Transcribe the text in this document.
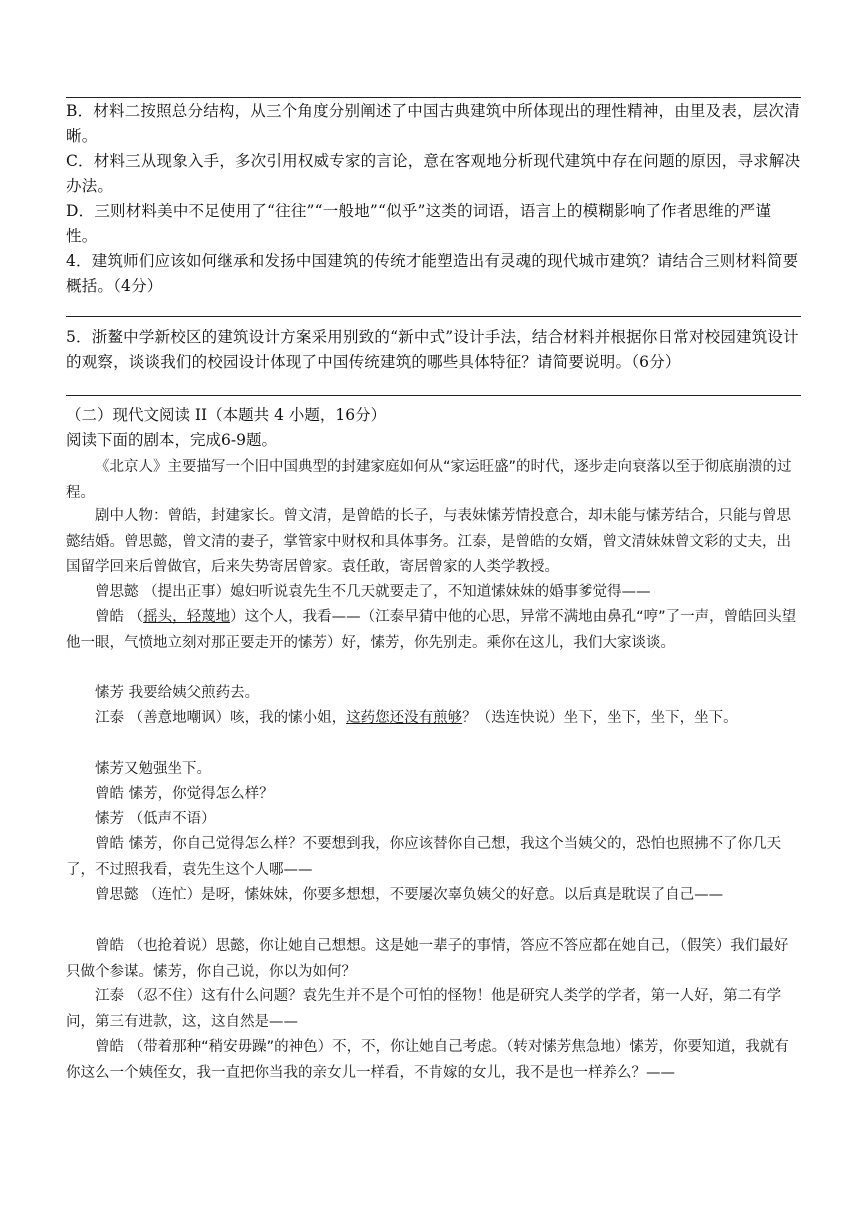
B．材料二按照总分结构，从三个角度分别阐述了中国古典建筑中所体现出的理性精神，由里及表，层次清晰。

C．材料三从现象入手，多次引用权威专家的言论，意在客观地分析现代建筑中存在问题的原因，寻求解决办法。

D．三则材料美中不足使用了“往往”“一般地”“似乎”这类的词语，语言上的模糊影响了作者思维的严谨性。

4．建筑师们应该如何继承和发扬中国建筑的传统才能塑造出有灵魂的现代城市建筑？请结合三则材料简要概括。（4分）

5．浙鳌中学新校区的建筑设计方案采用别致的“新中式”设计手法，结合材料并根据你日常对校园建筑设计的观察，谈谈我们的校园设计体现了中国传统建筑的哪些具体特征？请简要说明。（6分）

（二）现代文阅读 II（本题共 4 小题，16分）

阅读下面的剧本，完成6-9题。

《北京人》主要描写一个旧中国典型的封建家庭如何从“家运旺盛”的时代，逐步走向衰落以至于彻底崩溃的过程。

剧中人物：曾皓，封建家长。曾文清，是曾皓的长子，与表妹愫芳情投意合，却未能与愫芳结合，只能与曾思懿结婚。曾思懿，曾文清的妻子，掌管家中财权和具体事务。江泰，是曾皓的女婿，曾文清妹妹曾文彩的丈夫，出国留学回来后曾做官，后来失势寄居曾家。袁任敢，寄居曾家的人类学教授。

曾思懿 （提出正事）媳妇听说袁先生不几天就要走了，不知道愫妹妹的婚事爹觉得——

曾皓 （摇头，轻蔑地）这个人，我看——（江泰早猜中他的心思，异常不满地由鼻孔“哼”了一声，曾皓回头望他一眼，气愤地立刻对那正要走开的愫芳）好，愫芳，你先别走。乘你在这儿，我们大家谈谈。

愫芳 我要给姨父煎药去。

江泰 （善意地嘲讽）咳，我的愫小姐，这药您还没有煎够？（迭连快说）坐下，坐下，坐下，坐下。

愫芳又勉强坐下。

曾皓 愫芳，你觉得怎么样？

愫芳 （低声不语）

曾皓 愫芳，你自己觉得怎么样？不要想到我，你应该替你自己想，我这个当姨父的，恐怕也照拂不了你几天了，不过照我看，袁先生这个人哪——

曾思懿 （连忙）是呀，愫妹妹，你要多想想，不要屡次辜负姨父的好意。以后真是耽误了自己——

曾皓 （也抢着说）思懿，你让她自己想想。这是她一辈子的事情，答应不答应都在她自己，（假笑）我们最好只做个参谋。愫芳，你自己说，你以为如何？

江泰 （忍不住）这有什么问题？袁先生并不是个可怕的怪物！他是研究人类学的学者，第一人好，第二有学问，第三有进款，这，这自然是——

曾皓 （带着那种“稍安毋躁”的神色）不，不，你让她自己考虑。（转对愫芳焦急地）愫芳，你要知道，我就有你这么一个姨侄女，我一直把你当我的亲女儿一样看，不肯嫁的女儿，我不是也一样养么？——
